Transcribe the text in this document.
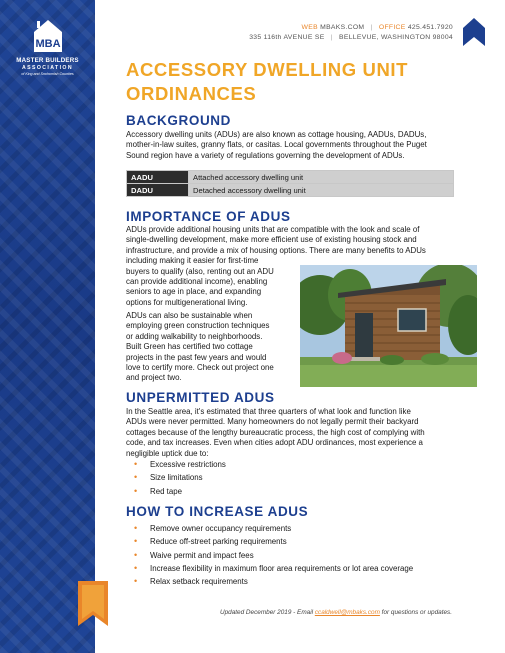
MBA
MASTER BUILDERS
ASSOCIATION
of King and Snohomish Counties
WEB MBAKS.COM | OFFICE 425.451.7920
335 116th AVENUE SE | BELLEVUE, WASHINGTON 98004
ACCESSORY DWELLING UNIT
ORDINANCES
BACKGROUND
Accessory dwelling units (ADUs) are also known as cottage housing, AADUs, DADUs,
mother-in-law suites, granny flats, or casitas. Local governments throughout the Puget
Sound region have a variety of regulations governing the development of ADUs.
AADU	Attached accessory dwelling unit
DADU	Detached accessory dwelling unit
IMPORTANCE OF ADUS
ADUs provide additional housing units that are compatible with the look and scale of
single-dwelling development, make more efficient use of existing housing stock and
infrastructure, and provide a mix of housing options. There are many benefits to ADUs
including making it easier for first-time
buyers to qualify (also, renting out an ADU
can provide additional income), enabling
seniors to age in place, and expanding
options for multigenerational living.
ADUs can also be sustainable when
employing green construction techniques
or adding walkability to neighborhoods.
Built Green has certified two cottage
projects in the past few years and would
love to certify more. Check out project one
and project two.
UNPERMITTED ADUS
In the Seattle area, it's estimated that three quarters of what look and function like
ADUs were never permitted. Many homeowners do not legally permit their backyard
cottages because of the lengthy bureaucratic process, the high cost of complying with
code, and tax increases. Even when cities adopt ADU ordinances, most experience a
negligible uptick due to:
• Excessive restrictions
• Size limitations
• Red tape
HOW TO INCREASE ADUS
• Remove owner occupancy requirements
• Reduce off-street parking requirements
• Waive permit and impact fees
• Increase flexibility in maximum floor area requirements or lot area coverage
• Relax setback requirements
Updated December 2019 - Email ccaldwell@mbaks.com for questions or updates.
